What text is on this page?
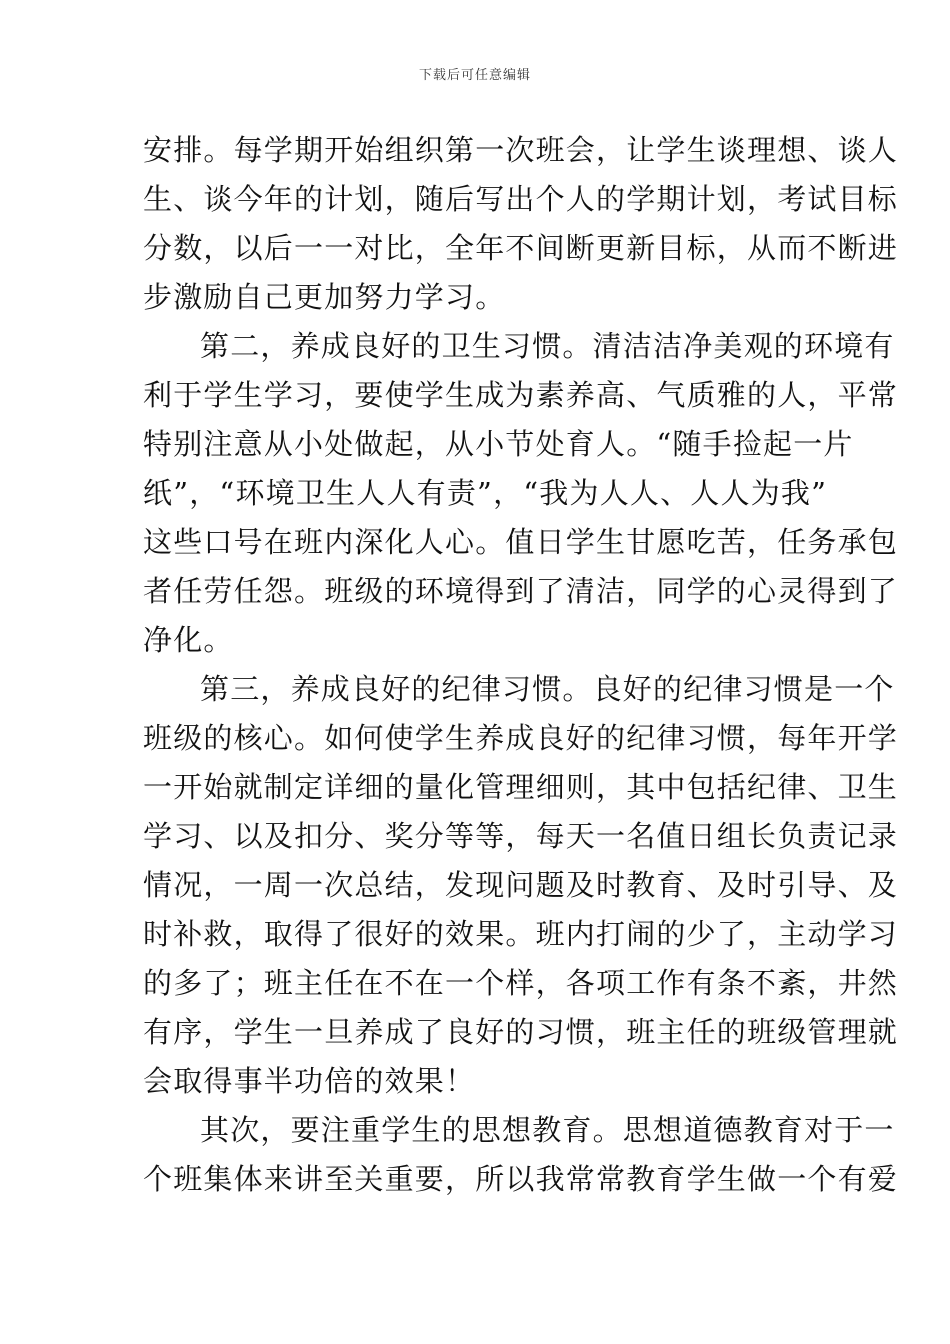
下载后可任意编辑
安排。每学期开始组织第一次班会，让学生谈理想、谈人
生、谈今年的计划，随后写出个人的学期计划，考试目标
分数，以后一一对比，全年不间断更新目标，从而不断进
步激励自己更加努力学习。
第二，养成良好的卫生习惯。清洁洁净美观的环境有
利于学生学习，要使学生成为素养高、气质雅的人，平常
特别注意从小处做起，从小节处育人。“随手捡起一片
纸”，“环境卫生人人有责”，“我为人人、人人为我”
这些口号在班内深化人心。值日学生甘愿吃苦，任务承包
者任劳任怨。班级的环境得到了清洁，同学的心灵得到了
净化。
第三，养成良好的纪律习惯。良好的纪律习惯是一个
班级的核心。如何使学生养成良好的纪律习惯，每年开学
一开始就制定详细的量化管理细则，其中包括纪律、卫生
学习、以及扣分、奖分等等，每天一名值日组长负责记录
情况，一周一次总结，发现问题及时教育、及时引导、及
时补救，取得了很好的效果。班内打闹的少了，主动学习
的多了；班主任在不在一个样，各项工作有条不紊，井然
有序，学生一旦养成了良好的习惯，班主任的班级管理就
会取得事半功倍的效果！
其次，要注重学生的思想教育。思想道德教育对于一
个班集体来讲至关重要，所以我常常教育学生做一个有爱
